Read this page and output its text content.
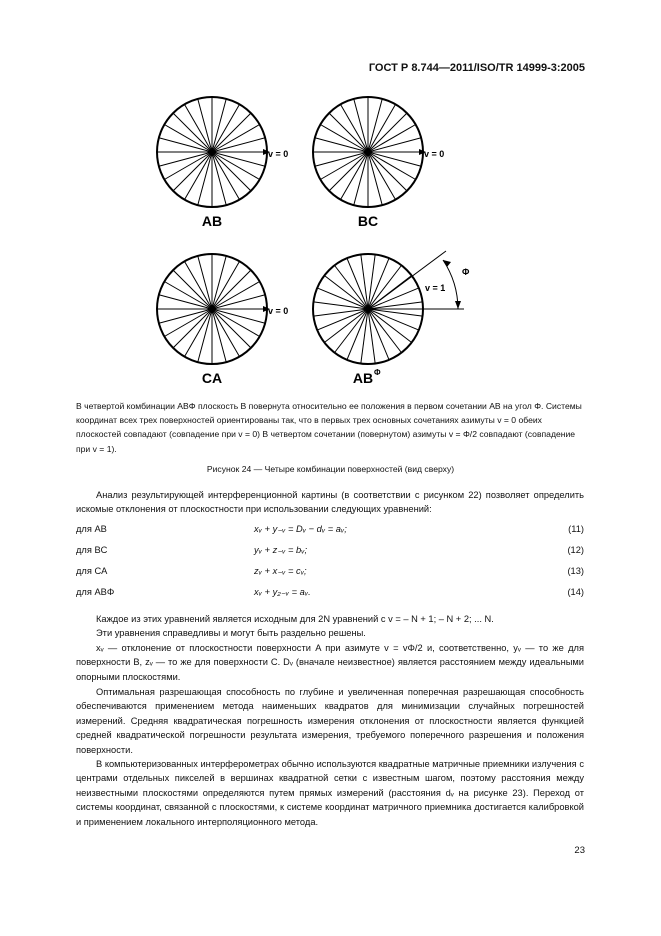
ГОСТ Р 8.744—2011/ISO/TR 14999-3:2005
v = 0	v = 0
v = 0
v = 1
AB	BC
CA	AB Φ
Φ
В четвертой комбинации ABΦ плоскость B повернута относительно ее положения в первом сочетании AB на угол Φ. Системы координат всех трех поверхностей ориентированы так, что в первых трех основных сочетаниях азимуты v = 0 обеих плоскостей совпадают (совпадение при v = 0) В четвертом сочетании (повернутом) азимуты v = Φ/2 совпадают (совпадение при v = 1).
Рисунок 24 — Четыре комбинации поверхностей (вид сверху)
Анализ результирующей интерференционной картины (в соответствии с рисунком 22) позволяет определить искомые отклонения от плоскостности при использовании следующих уравнений:
для AB	xᵥ + y₋ᵥ = Dᵥ − dᵥ = aᵥ;	(11)
для BC	yᵥ + z₋ᵥ = bᵥ;	(12)
для CA	zᵥ + x₋ᵥ = cᵥ;	(13)
для ABΦ	xᵥ + y₂₋ᵥ = aᵥ.	(14)
Каждое из этих уравнений является исходным для 2N уравнений с v = – N + 1; – N + 2; ... N.
Эти уравнения справедливы и могут быть раздельно решены.
xᵥ — отклонение от плоскостности поверхности A при азимуте v = vΦ/2 и, соответственно, yᵥ — то же для поверхности B, zᵥ — то же для поверхности C. Dᵥ (вначале неизвестное) является расстоянием между идеальными опорными плоскостями.
Оптимальная разрешающая способность по глубине и увеличенная поперечная разрешающая способность обеспечиваются применением метода наименьших квадратов для минимизации случайных погрешностей измерений. Средняя квадратическая погрешность измерения отклонения от плоскостности является функцией средней квадратической погрешности результата измерения, требуемого поперечного разрешения и положения поверхности.
В компьютеризованных интерферометрах обычно используются квадратные матричные приемники излучения с центрами отдельных пикселей в вершинах квадратной сетки с известным шагом, поэтому расстояния между неизвестными плоскостями определяются путем прямых измерений (расстояния dᵥ на рисунке 23). Переход от системы координат, связанной с плоскостями, к системе координат матричного приемника достигается калибровкой и применением локального интерполяционного метода.
23
